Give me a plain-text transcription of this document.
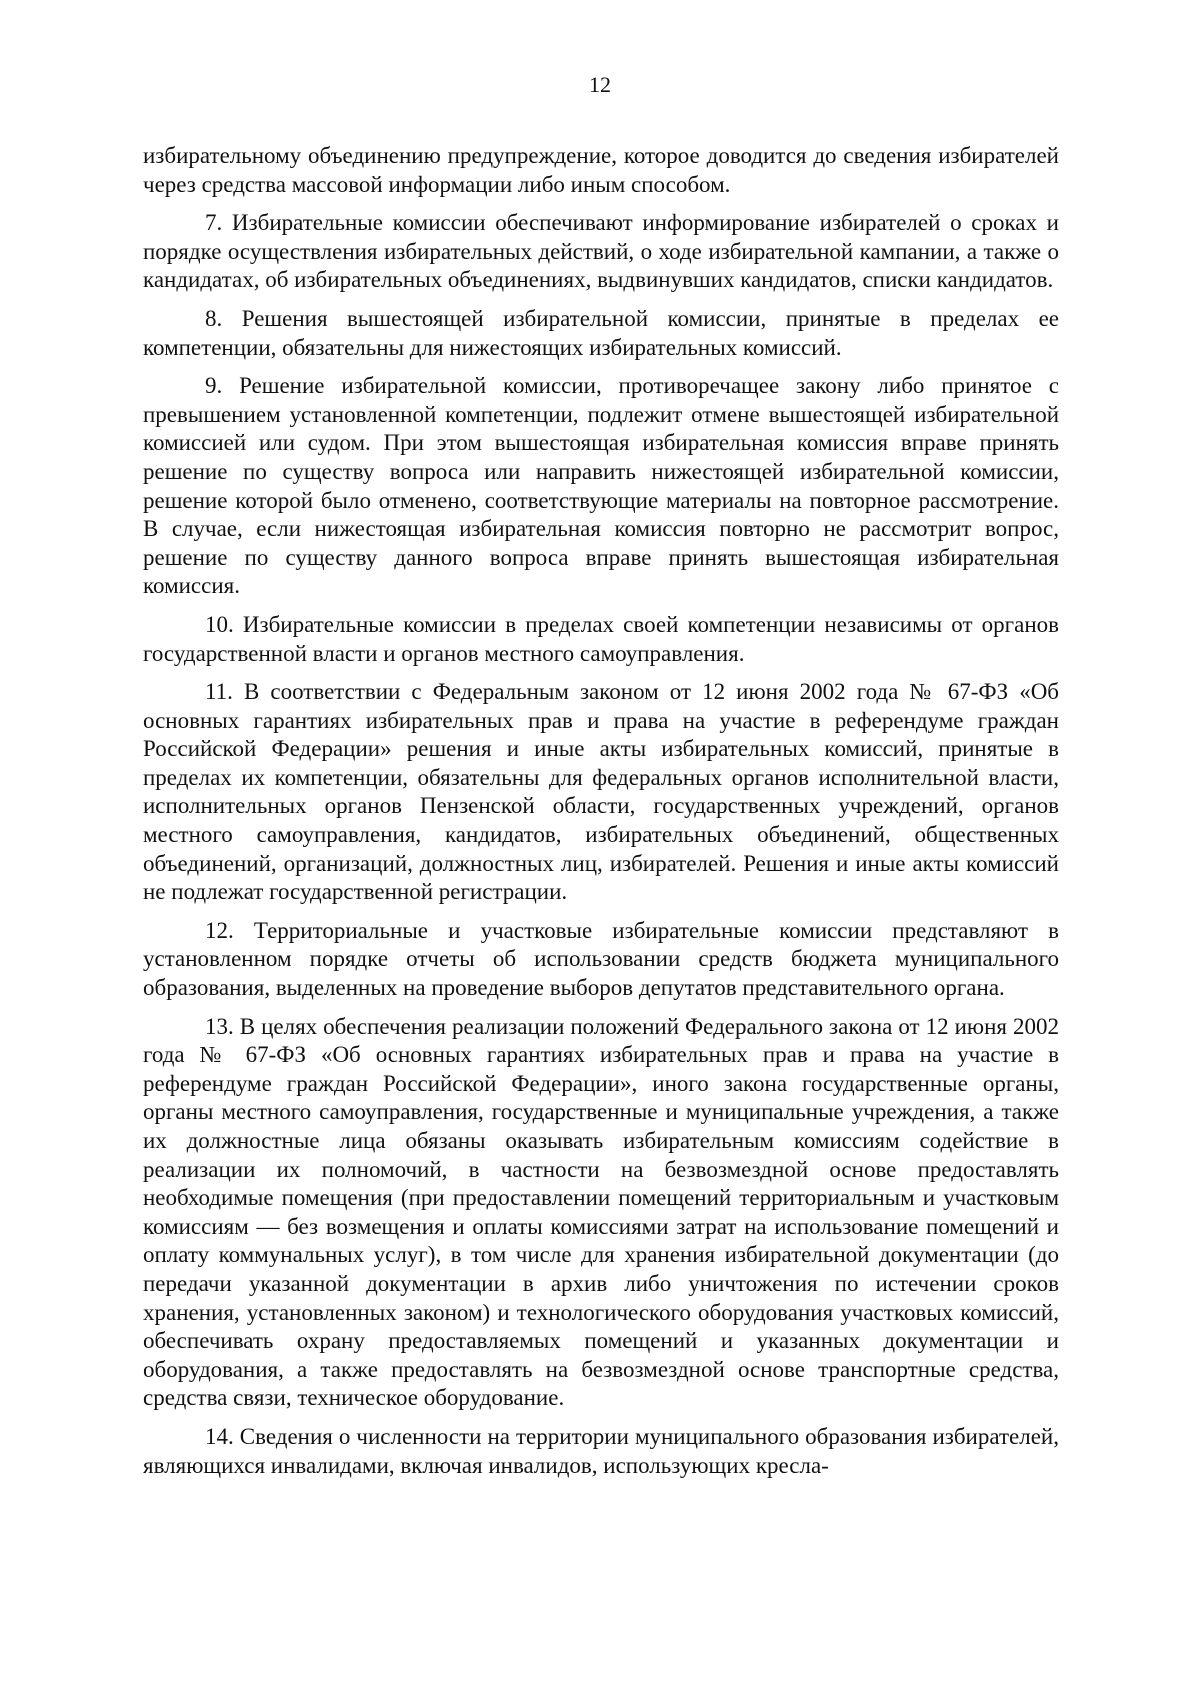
12

избирательному объединению предупреждение, которое доводится до сведения избирателей через средства массовой информации либо иным способом.

7. Избирательные комиссии обеспечивают информирование избирателей о сроках и порядке осуществления избирательных действий, о ходе избирательной кампании, а также о кандидатах, об избирательных объединениях, выдвинувших кандидатов, списки кандидатов.

8. Решения вышестоящей избирательной комиссии, принятые в пределах ее компетенции, обязательны для нижестоящих избирательных комиссий.

9. Решение избирательной комиссии, противоречащее закону либо принятое с превышением установленной компетенции, подлежит отмене вышестоящей избирательной комиссией или судом. При этом вышестоящая избирательная комиссия вправе принять решение по существу вопроса или направить нижестоящей избирательной комиссии, решение которой было отменено, соответствующие материалы на повторное рассмотрение. В случае, если нижестоящая избирательная комиссия повторно не рассмотрит вопрос, решение по существу данного вопроса вправе принять вышестоящая избирательная комиссия.

10. Избирательные комиссии в пределах своей компетенции независимы от органов государственной власти и органов местного самоуправления.

11. В соответствии с Федеральным законом от 12 июня 2002 года № 67-ФЗ «Об основных гарантиях избирательных прав и права на участие в референдуме граждан Российской Федерации» решения и иные акты избирательных комиссий, принятые в пределах их компетенции, обязательны для федеральных органов исполнительной власти, исполнительных органов Пензенской области, государственных учреждений, органов местного самоуправления, кандидатов, избирательных объединений, общественных объединений, организаций, должностных лиц, избирателей. Решения и иные акты комиссий не подлежат государственной регистрации.

12. Территориальные и участковые избирательные комиссии представляют в установленном порядке отчеты об использовании средств бюджета муниципального образования, выделенных на проведение выборов депутатов представительного органа.

13. В целях обеспечения реализации положений Федерального закона от 12 июня 2002 года № 67-ФЗ «Об основных гарантиях избирательных прав и права на участие в референдуме граждан Российской Федерации», иного закона государственные органы, органы местного самоуправления, государственные и муниципальные учреждения, а также их должностные лица обязаны оказывать избирательным комиссиям содействие в реализации их полномочий, в частности на безвозмездной основе предоставлять необходимые помещения (при предоставлении помещений территориальным и участковым комиссиям — без возмещения и оплаты комиссиями затрат на использование помещений и оплату коммунальных услуг), в том числе для хранения избирательной документации (до передачи указанной документации в архив либо уничтожения по истечении сроков хранения, установленных законом) и технологического оборудования участковых комиссий, обеспечивать охрану предоставляемых помещений и указанных документации и оборудования, а также предоставлять на безвозмездной основе транспортные средства, средства связи, техническое оборудование.

14. Сведения о численности на территории муниципального образования избирателей, являющихся инвалидами, включая инвалидов, использующих кресла-
